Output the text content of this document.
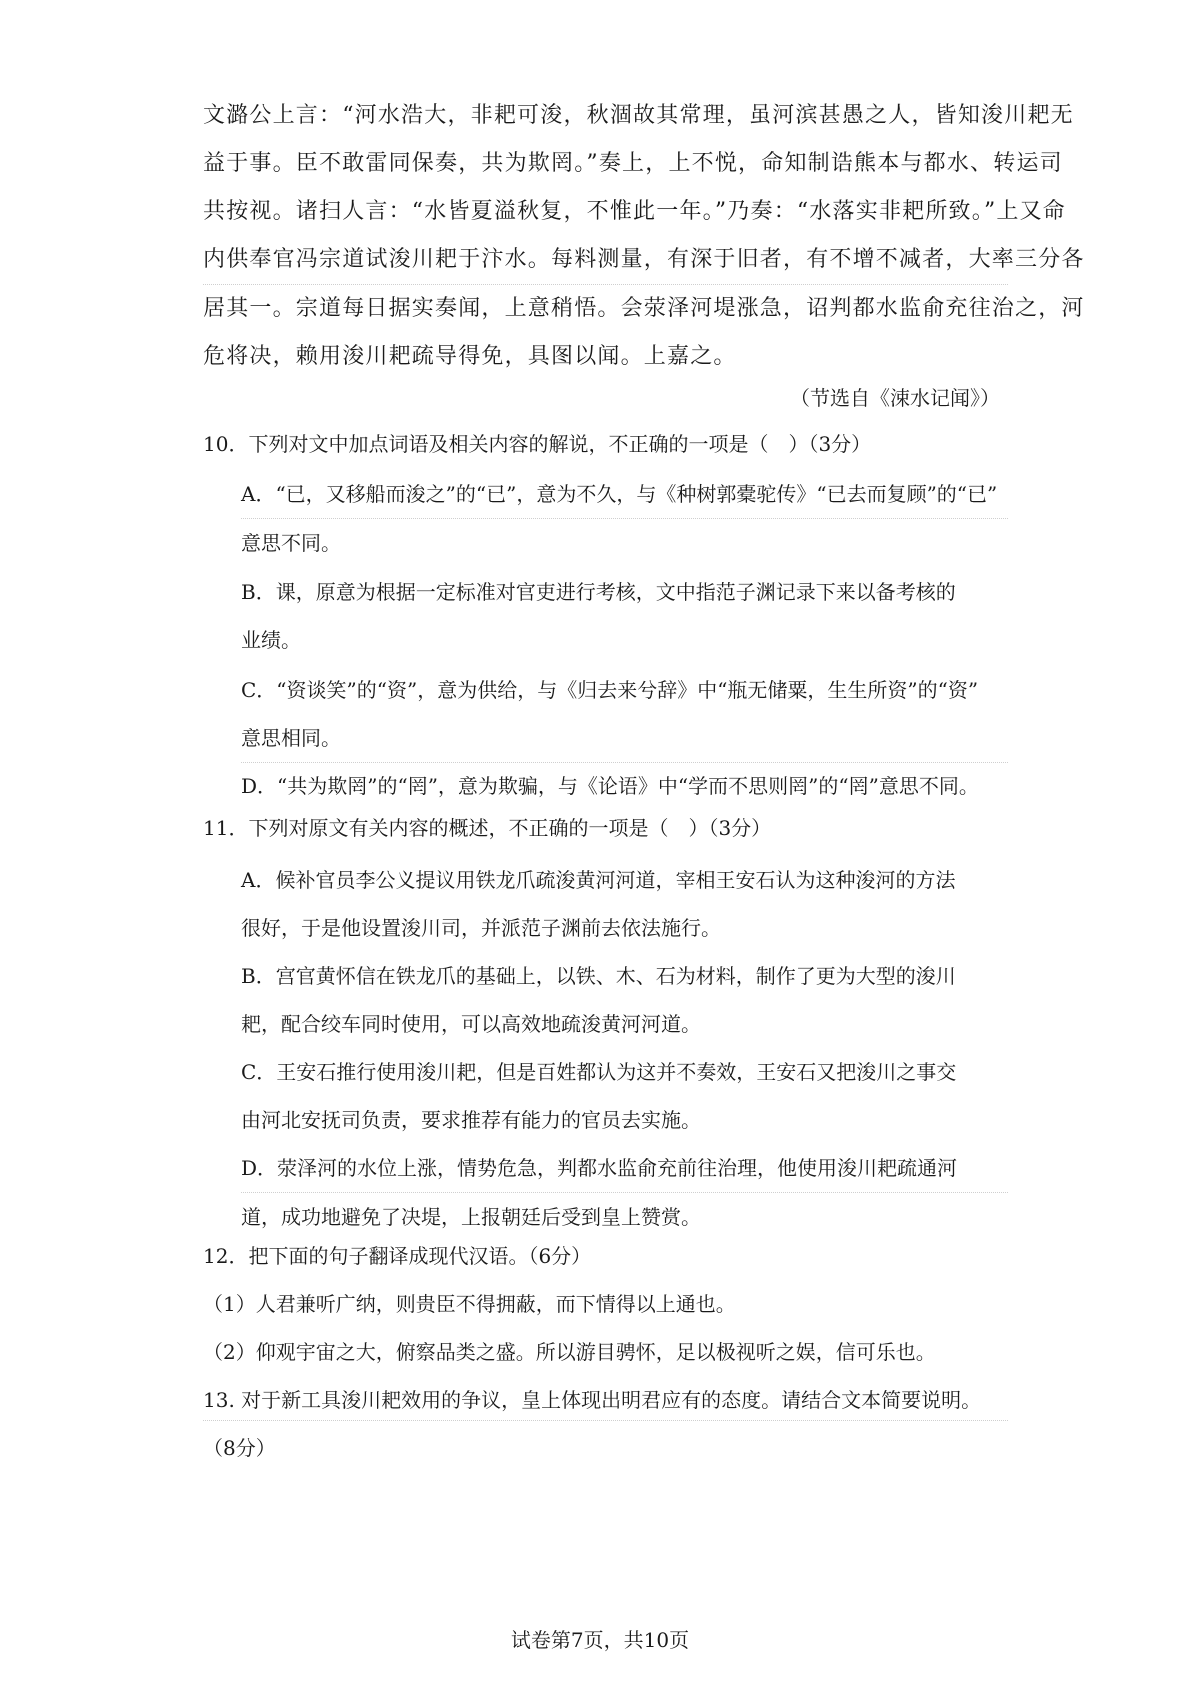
文潞公上言：“河水浩大，非耙可浚，秋涸故其常理，虽河滨甚愚之人，皆知浚川耙无
益于事。臣不敢雷同保奏，共为欺罔。”奏上，上不悦，命知制诰熊本与都水、转运司
共按视。诸扫人言：“水皆夏溢秋复，不惟此一年。”乃奏：“水落实非耙所致。”上又命
内供奉官冯宗道试浚川耙于汴水。每料测量，有深于旧者，有不增不减者，大率三分各
居其一。宗道每日据实奏闻，上意稍悟。会荥泽河堤涨急，诏判都水监俞充往治之，河
危将决，赖用浚川耙疏导得免，具图以闻。上嘉之。
（节选自《涑水记闻》）
10．下列对文中加点词语及相关内容的解说，不正确的一项是（　）（3分）
A．“已，又移船而浚之”的“已”，意为不久，与《种树郭橐驼传》“已去而复顾”的“已”
意思不同。
B．课，原意为根据一定标准对官吏进行考核，文中指范子渊记录下来以备考核的
业绩。
C．“资谈笑”的“资”，意为供给，与《归去来兮辞》中“瓶无储粟，生生所资”的“资”
意思相同。
D．“共为欺罔”的“罔”，意为欺骗，与《论语》中“学而不思则罔”的“罔”意思不同。
11．下列对原文有关内容的概述，不正确的一项是（　）（3分）
A．候补官员李公义提议用铁龙爪疏浚黄河河道，宰相王安石认为这种浚河的方法
很好，于是他设置浚川司，并派范子渊前去依法施行。
B．宫官黄怀信在铁龙爪的基础上，以铁、木、石为材料，制作了更为大型的浚川
耙，配合绞车同时使用，可以高效地疏浚黄河河道。
C．王安石推行使用浚川耙，但是百姓都认为这并不奏效，王安石又把浚川之事交
由河北安抚司负责，要求推荐有能力的官员去实施。
D．荥泽河的水位上涨，情势危急，判都水监俞充前往治理，他使用浚川耙疏通河
道，成功地避免了决堤，上报朝廷后受到皇上赞赏。
12．把下面的句子翻译成现代汉语。（6分）
（1）人君兼听广纳，则贵臣不得拥蔽，而下情得以上通也。
（2）仰观宇宙之大，俯察品类之盛。所以游目骋怀，足以极视听之娱，信可乐也。
13. 对于新工具浚川耙效用的争议，皇上体现出明君应有的态度。请结合文本简要说明。
（8分）
试卷第7页，共10页
